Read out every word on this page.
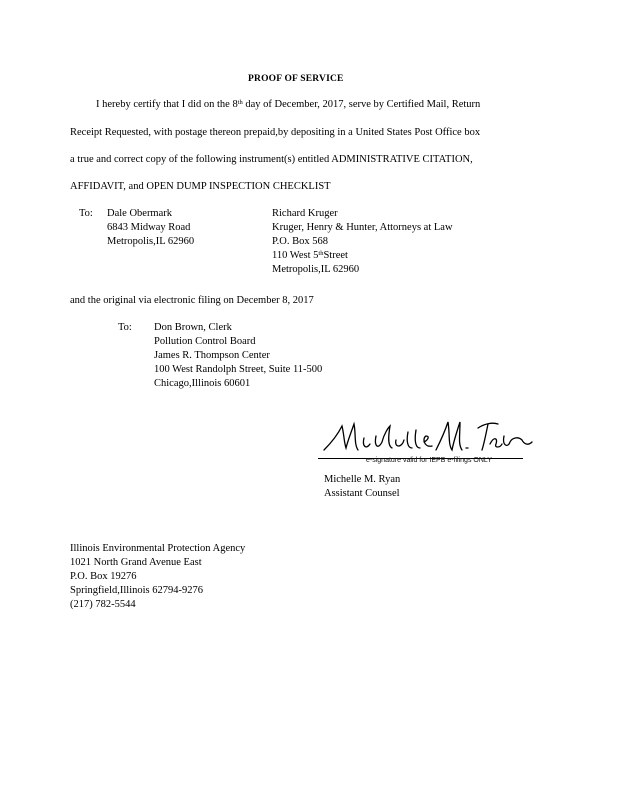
PROOF OF SERVICE
I hereby certify that I did on the 8th day of December, 2017, serve by Certified Mail, Return
Receipt Requested, with postage thereon prepaid,by depositing in a United States Post Office box
a true and correct copy of the following instrument(s) entitled ADMINISTRATIVE CITATION,
AFFIDAVIT, and OPEN DUMP INSPECTION CHECKLIST
To: Dale Obermark
6843 Midway Road
Metropolis,IL 62960
Richard Kruger
Kruger, Henry & Hunter, Attorneys at Law
P.O. Box 568
110 West 5thStreet
Metropolis,IL 62960
and the original via electronic filing on December 8, 2017
To: Don Brown, Clerk
Pollution Control Board
James R. Thompson Center
100 West Randolph Street, Suite 11-500
Chicago,Illinois 60601
e-signature valid for IEPB e-filings ONLY
Michelle M. Ryan
Assistant Counsel
Illinois Environmental Protection Agency
1021 North Grand Avenue East
P.O. Box 19276
Springfield,Illinois 62794-9276
(217) 782-5544
